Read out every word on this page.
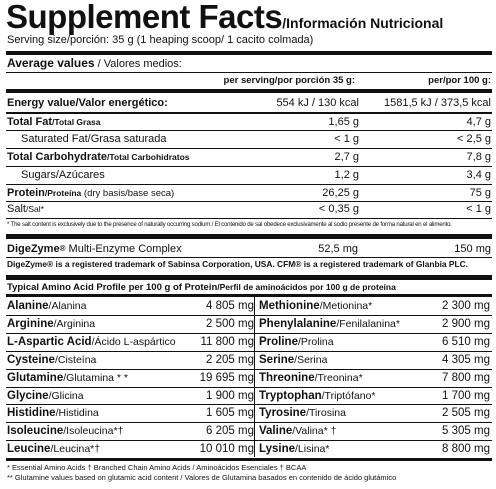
Supplement Facts/Información Nutricional
Serving size/porción: 35 g (1 heaping scoop/ 1 cacito colmada)
Average values / Valores medios:
per serving/por porción 35 g:	per/por 100 g:
Energy value/Valor energético:	554 kJ / 130 kcal 1581,5 kJ / 373,5 kcal
Total Fat/Total Grasa	1,65 g	4,7 g
Saturated Fat/Grasa saturada	< 1 g	< 2,5 g
Total Carbohydrate/Total Carbohidratos	2,7 g	7,8 g
Sugars/Azúcares	1,2 g	3,4 g
Protein/Proteína (dry basis/base seca)	26,25 g	75 g
Salt/Sal*	< 0,35 g	< 1 g
* The salt content is exclusively due to the presence of naturally occurring sodium / El contenido de sal obedece exclusivamente al sodio presente de forma natural en el alimento.
DigeZyme® Multi-Enzyme Complex	52,5 mg	150 mg
DigeZyme® is a registered trademark of Sabinsa Corporation, USA. CFM® is a registered trademark of Glanbia PLC.
Typical Amino Acid Profile per 100 g of Protein/Perfil de aminoácidos por 100 g de proteína
Alanine/Alanina	4 805 mg Methionine/Metionina*	2 300 mg
Arginine/Arginina	2 500 mg Phenylalanine/Fenilalanina*	2 900 mg
L-Aspartic Acid/Ácido L-aspártico	11 800 mg Proline/Prolina	6 510 mg
Cysteine/Cisteína	2 205 mg Serine/Serina	4 305 mg
Glutamine/Glutamina * *	19 695 mg Threonine/Treonina*	7 800 mg
Glycine/Glicina	1 900 mg Tryptophan/Triptófano*	1 700 mg
Histidine/Histidina	1 605 mg Tyrosine/Tirosina	2 505 mg
Isoleucine/Isoleucina*†	6 205 mg Valine/Valina* †	5 305 mg
Leucine/Leucina*†	10 010 mg Lysine/Lisina*	8 800 mg
* Essential Amino Acids † Branched Chain Amino Acids / Aminoácidos Esenciales † BCAA
** Glutamine values based on glutamic acid content / Valores de Glutamina basados en contenido de ácido glutámico
